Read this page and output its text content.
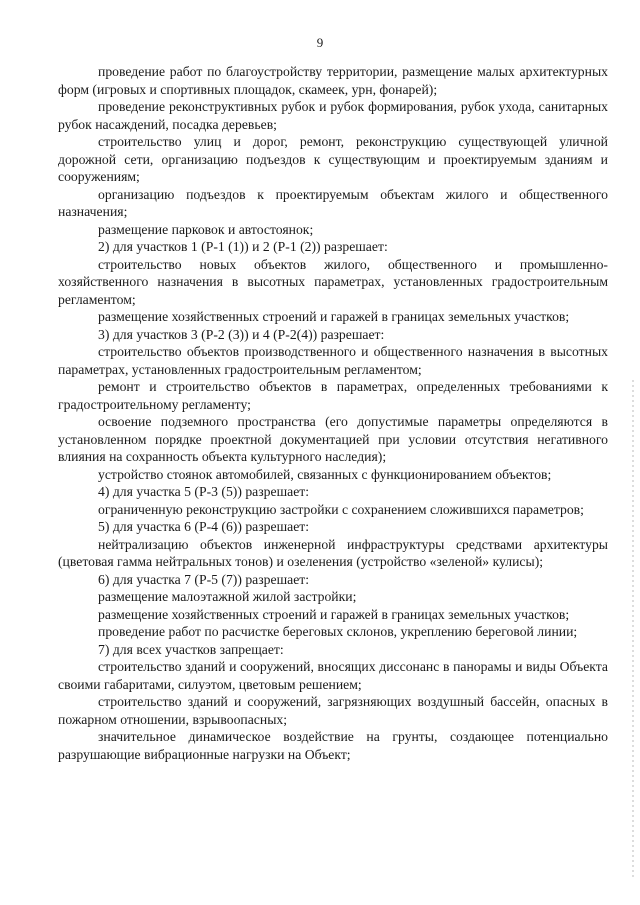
9

проведение работ по благоустройству территории, размещение малых архитектурных форм (игровых и спортивных площадок, скамеек, урн, фонарей);

проведение реконструктивных рубок и рубок формирования, рубок ухода, санитарных рубок насаждений, посадка деревьев;

строительство улиц и дорог, ремонт, реконструкцию существующей уличной дорожной сети, организацию подъездов к существующим и проектируемым зданиям и сооружениям;

организацию подъездов к проектируемым объектам жилого и общественного назначения;

размещение парковок и автостоянок;

2) для участков 1 (Р-1 (1)) и 2 (Р-1 (2)) разрешает:

строительство новых объектов жилого, общественного и промышленно-хозяйственного назначения в высотных параметрах, установленных градостроительным регламентом;

размещение хозяйственных строений и гаражей в границах земельных участков;

3) для участков 3 (Р-2 (3)) и 4 (Р-2(4)) разрешает:

строительство объектов производственного и общественного назначения в высотных параметрах, установленных градостроительным регламентом;

ремонт и строительство объектов в параметрах, определенных требованиями к градостроительному регламенту;

освоение подземного пространства (его допустимые параметры определяются в установленном порядке проектной документацией при условии отсутствия негативного влияния на сохранность объекта культурного наследия);

устройство стоянок автомобилей, связанных с функционированием объектов;

4) для участка 5 (Р-3 (5)) разрешает:

ограниченную реконструкцию застройки с сохранением сложившихся параметров;

5) для участка 6 (Р-4 (6)) разрешает:

нейтрализацию объектов инженерной инфраструктуры средствами архитектуры (цветовая гамма нейтральных тонов) и озеленения (устройство «зеленой» кулисы);

6) для участка 7 (Р-5 (7)) разрешает:

размещение малоэтажной жилой застройки;

размещение хозяйственных строений и гаражей в границах земельных участков;

проведение работ по расчистке береговых склонов, укреплению береговой линии;

7) для всех участков запрещает:

строительство зданий и сооружений, вносящих диссонанс в панорамы и виды Объекта своими габаритами, силуэтом, цветовым решением;

строительство зданий и сооружений, загрязняющих воздушный бассейн, опасных в пожарном отношении, взрывоопасных;

значительное динамическое воздействие на грунты, создающее потенциально разрушающие вибрационные нагрузки на Объект;
